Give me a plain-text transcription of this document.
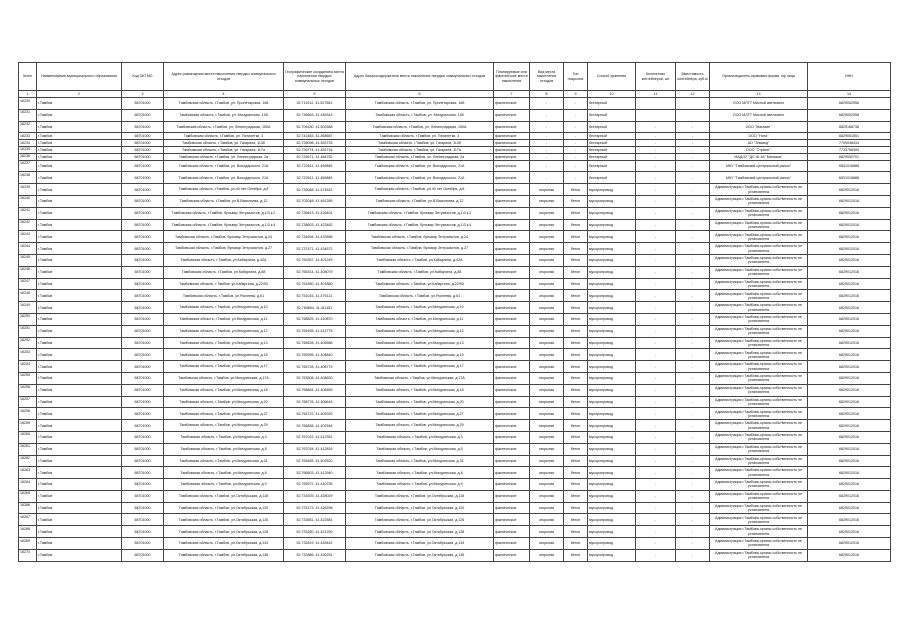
№п/п	Наименование муниципального образования	Код ОКТМО	Адрес размещения места накопления твердых коммунальных отходов	Географические координаты места накопления твердых коммунальных отходов	Адрес баланосодержателя места накопления твердых коммунальных отходов	Планируемые или фактические места накопления	Вид места накопления отходов	Тип покрытия	Способ хранения	Количество контейнеров, шт	Вместимость контейнера, куб.м	Организационно-правовая форма, юр лица	ИНН
1	2	3	4	5	6	7	8	9	10	11	12	13	14
16230	г.Тамбов	68701000	Тамбовская область, г.Тамбов, ул. Пролетарская, 168	52.711912, 41.527581	Тамбовская область, г.Тамбов, ул. Пролетарская, 168	фактическое	-	-	бестарный			ООО МЛТТ Мясной светкомпл	6829052958
16231	г.Тамбов	68701000	Тамбовская область, г.Тамбов, ул. Мичуринская, 148	52.736663, 41.446343	Тамбовская область, г.Тамбов, ул. Мичуринская, 148	фактическое	-	-	бестарный			ООО МЛТТ Мясной светкомпл	6829052958
16232	г.Тамбов	68701000	Тамбовская область, г.Тамбов, ул. Ленинградская, 150А	52.706180, 41.502588	Тамбовская область, г.Тамбов, ул. Ленинградская, 150А	фактическое	-	-	бестарный	-	-	ООО "Магазин"	6829168738
16233	г.Тамбов	68701000	Тамбовская область, г.Тамбов, ул. Пятилетки, 3	52.742483, 41.468687	Тамбовская область, г.Тамбов, ул. Пятилетки, 3	фактическое	-	-	бестарный	-	-	ООО "Нота"	6829051551
16234	г.Тамбов	68701000	Тамбовская область, г.Тамбов, ул. Гагарина, 113б	52.728098, 41.453733	Тамбовская область, г.Тамбов, ул. Гагарина, 113б	фактическое	-	-	бестарный	-	-	АО "Эльмед"	7709048434
16235	г.Тамбов	68701000	Тамбовская область, г.Тамбов, ул. Гагарина, 117а	52.726774, 41.452716	Тамбовская область, г.Тамбов, ул. Гагарина, 117а	фактическое	-	-	бестарный	-	-	ООО "Стратег"	7733758393
16236	г.Тамбов	68701000	Тамбовская область, г.Тамбов, ул. Ленинградская, 2а	52.725671, 41.484752	Тамбовская область, г.Тамбов, ул. Ленинградская, 2а	фактическое	-	-	бестарный	-	-	МАДОУ "ДС № 48 "Малыши"	6829050701
16237	г.Тамбов	68701000	Тамбовская область, г.Тамбов, ул. Володарского, 21А	52.722611, 41.459889	Тамбовская область, г.Тамбов, ул. Володарского, 21А	фактическое	-	-	бестарный	-	-	МКУ "Тамбовский центральный рынок"	6831016888
16238	г.Тамбов	68701000	Тамбовская область, г.Тамбов, ул. Володарского, 21А	52.722611, 41.459889	Тамбовская область, г.Тамбов, ул. Володарского, 21А	фактическое	-	-	бестарный	-	-	МКУ "Тамбовский центральный рынок"	6831016888
16239	г.Тамбов	68701000	Тамбовская область, г.Тамбов, ул.40 лет Октября, д.8	52.739088, 41.474531	Тамбовская область, г.Тамбов, ул.40 лет Октября, д.8	фактическое	открытая	бетон	мусоропровод	-	-	Администрация г.Тамбова,органы собственность не установлена	6829012016
16240	г.Тамбов	68701000	Тамбовская область, г.Тамбов, ул.В.Васильева, д.12	52.702048, 41.461289	Тамбовская область, г.Тамбов, ул.В.Васильева, д.12	фактическое	открытая	бетон	мусоропровод	-	-	Администрация г.Тамбова,органы собственность не установлена	6829012016
16241	г.Тамбов	68701000	Тамбовская область, г.Тамбов, бульвар Энтузиастов, д.1/3 к.2	52.736813, 41.426401	Тамбовская область, г.Тамбов, бульвар Энтузиастов, д.1/3 к.2	фактическое	открытая	бетон	мусоропровод	-	-	Администрация г.Тамбова,органы собственность не установлена	6829012016
16242	г.Тамбов	68701000	Тамбовская область, г.Тамбов, бульвар Энтузиастов, д.1/3 к.4	52.738603, 41.423482	Тамбовская область, г.Тамбов, бульвар Энтузиастов, д.1/3 к.4	фактическое	открытая	бетон	мусоропровод	-	-	Администрация г.Тамбова,органы собственность не установлена	6829012016
16243	г.Тамбов	68701000	Тамбовская область, г.Тамбов, бульвар Энтузиастов, д.24	52.734694, 41.433556	Тамбовская область, г.Тамбов, бульвар Энтузиастов, д.24	фактическое	открытая	бетон	мусоропровод	-	-	Администрация г.Тамбова,органы собственность не установлена	6829012016
16244	г.Тамбов	68701000	Тамбовская область, г.Тамбов, бульвар Энтузиастов, д.27	52.737471, 41.434572	Тамбовская область, г.Тамбов, бульвар Энтузиастов, д.27	фактическое	открытая	бетон	мусоропровод	-	-	Администрация г.Тамбова,органы собственность не установлена	6829012016
16245	г.Тамбов	68701000	Тамбовская область, г.Тамбов, ул.Кабаргина, д.42А	52.763357, 41.401249	Тамбовская область, г.Тамбов, ул.Кабаргина, д.42А	фактическое	открытая	бетон	мусоропровод	-	-	Администрация г.Тамбова,органы собственность не установлена	6829012016
16246	г.Тамбов	68701000	Тамбовская область, г.Тамбов, ул.Кабаргина, д.88	52.765314, 41.408079	Тамбовская область, г.Тамбов, ул.Кабаргина, д.88	фактическое	открытая	бетон	мусоропровод	-	-	Администрация г.Тамбова,органы собственность не установлена	6829012016
16247	г.Тамбов	68701000	Тамбовская область, г.Тамбов, ул.Кабаргина, д.22/90	52.761850, 41.401880	Тамбовская область, г.Тамбов, ул.Кабаргина, д.22/90	фактическое	открытая	бетон	мусоропровод	-	-	Администрация г.Тамбова,органы собственность не установлена	6829012016
16248	г.Тамбов	68701000	Тамбовская область, г.Тамбов, ул.Рылеева, д.61	52.751015, 41.475121	Тамбовская область, г.Тамбов, ул.Рылеева, д.61	фактическое	открытая	бетон	мусоропровод	-	-	Администрация г.Тамбова,органы собственность не установлена	6829012016
16249	г.Тамбов	68701000	Тамбовская область, г.Тамбов, ул.Мичуринская, д.10	52.784854, 41.411151	Тамбовская область, г.Тамбов, ул.Мичуринская, д.10	фактическое	открытая	бетон	мусоропровод	-	-	Администрация г.Тамбова,органы собственность не установлена	6829012016
16250	г.Тамбов	68701000	Тамбовская область, г.Тамбов, ул.Мичуринская, д.11	52.768825, 41.410870	Тамбовская область, г.Тамбов, ул.Мичуринская, д.11	фактическое	открытая	бетон	мусоропровод	-	-	Администрация г.Тамбова,органы собственность не установлена	6829012016
16251	г.Тамбов	68701000	Тамбовская область, г.Тамбов, ул.Мичуринская, д.12	52.764935, 41.412775	Тамбовская область, г.Тамбов, ул.Мичуринская, д.12	фактическое	открытая	бетон	мусоропровод	-	-	Администрация г.Тамбова,органы собственность не установлена	6829012016
16252	г.Тамбов	68701000	Тамбовская область, г.Тамбов, ул.Мичуринская, д.13	52.765628, 41.405586	Тамбовская область, г.Тамбов, ул.Мичуринская, д.13	фактическое	открытая	бетон	мусоропровод	-	-	Администрация г.Тамбова,органы собственность не установлена	6829012016
16253	г.Тамбов	68701000	Тамбовская область, г.Тамбов, ул.Мичуринская, д.15	52.765995, 41.408840	Тамбовская область, г.Тамбов, ул.Мичуринская, д.15	фактическое	открытая	бетон	мусоропровод	-	-	Администрация г.Тамбова,органы собственность не установлена	6829012016
16254	г.Тамбов	68701000	Тамбовская область, г.Тамбов, ул.Мичуринская, д.17	52.765728, 41.408779	Тамбовская область, г.Тамбов, ул.Мичуринская, д.17	фактическое	открытая	бетон	мусоропровод	-	-	Администрация г.Тамбова,органы собственность не установлена	6829012016
16255	г.Тамбов	68701000	Тамбовская область, г.Тамбов, ул.Мичуринская, д.17А	52.763508, 41.408630	Тамбовская область, г.Тамбов, ул.Мичуринская, д.17А	фактическое	открытая	бетон	мусоропровод	-	-	Администрация г.Тамбова,органы собственность не установлена	6829012016
16256	г.Тамбов	68701000	Тамбовская область, г.Тамбов, ул.Мичуринская, д.18	52.768864, 41.408559	Тамбовская область, г.Тамбов, ул.Мичуринская, д.18	фактическое	открытая	бетон	мусоропровод	-	-	Администрация г.Тамбова,органы собственность не установлена	6829012016
16257	г.Тамбов	68701000	Тамбовская область, г.Тамбов, ул.Мичуринская, д.20	52.768776, 41.406616	Тамбовская область, г.Тамбов, ул.Мичуринская, д.20	фактическое	открытая	бетон	мусоропровод	-	-	Администрация г.Тамбова,органы собственность не установлена	6829012016
16258	г.Тамбов	68701000	Тамбовская область, г.Тамбов, ул.Мичуринская, д.27	52.764722, 41.402925	Тамбовская область, г.Тамбов, ул.Мичуринская, д.27	фактическое	открытая	бетон	мусоропровод	-	-	Администрация г.Тамбова,органы собственность не установлена	6829012016
16259	г.Тамбов	68701000	Тамбовская область, г.Тамбов, ул.Мичуринская, д.29	52.766838, 41.402546	Тамбовская область, г.Тамбов, ул.Мичуринская, д.29	фактическое	открытая	бетон	мусоропровод	-	-	Администрация г.Тамбова,органы собственность не установлена	6829012016
16260	г.Тамбов	68701000	Тамбовская область, г.Тамбов, ул.Мичуринская, д.3	52.767022, 41.412351	Тамбовская область, г.Тамбов, ул.Мичуринская, д.3	фактическое	открытая	бетон	мусоропровод	-	-	Администрация г.Тамбова,органы собственность не установлена	6829012016
16261	г.Тамбов	68701000	Тамбовская область, г.Тамбов, ул.Мичуринская, д.5	52.767034, 41.412816	Тамбовская область, г.Тамбов, ул.Мичуринская, д.5	фактическое	открытая	бетон	мусоропровод	-	-	Администрация г.Тамбова,органы собственность не установлена	6829012016
16262	г.Тамбов	68701000	Тамбовская область, г.Тамбов, ул.Мичуринская, д.31	52.765465, 41.402520	Тамбовская область, г.Тамбов, ул.Мичуринская, д.31	фактическое	открытая	бетон	мусоропровод	-	-	Администрация г.Тамбова,органы собственность не установлена	6829012016
16263	г.Тамбов	68701000	Тамбовская область, г.Тамбов, ул.Мичуринская, д.8	52.766503, 41.412940	Тамбовская область, г.Тамбов, ул.Мичуринская, д.8	фактическое	открытая	бетон	мусоропровод	-	-	Администрация г.Тамбова,органы собственность не установлена	6829012016
16264	г.Тамбов	68701000	Тамбовская область, г.Тамбов, ул.Мичуринская, д.9	52.765972, 41.410755	Тамбовская область, г.Тамбов, ул.Мичуринская, д.9	фактическое	открытая	бетон	мусоропровод	-	-	Администрация г.Тамбова,органы собственность не установлена	6829012016
16265	г.Тамбов	68701000	Тамбовская область, г.Тамбов, ул.Октябрьская, д.118	52.733929, 41.428029	Тамбовская область, г.Тамбов, ул.Октябрьская, д.118	фактическое	открытая	бетон	мусоропровод	-	-	Администрация г.Тамбова,органы собственность не установлена	6829012016
16266	г.Тамбов	68701000	Тамбовская область, г.Тамбов, ул.Октябрьская, д.120	52.733173, 41.426298	Тамбовская область, г.Тамбов, ул.Октябрьская, д.120	фактическое	открытая	бетон	мусоропровод	-	-	Администрация г.Тамбова,органы собственность не установлена	6829012016
16267	г.Тамбов	68701000	Тамбовская область, г.Тамбов, ул.Октябрьская, д.126	52.733561, 41.422581	Тамбовская область, г.Тамбов, ул.Октябрьская, д.126	фактическое	открытая	бетон	мусоропровод	-	-	Администрация г.Тамбова,органы собственность не установлена	6829012016
16268	г.Тамбов	68701000	Тамбовская область, г.Тамбов, ул.Октябрьская, д.128	52.733250, 41.421250	Тамбовская область, г.Тамбов, ул.Октябрьская, д.128	фактическое	открытая	бетон	мусоропровод	-	-	Администрация г.Тамбова,органы собственность не установлена	6829012016
16269	г.Тамбов	68701000	Тамбовская область, г.Тамбов, ул.Октябрьская, д.134	52.732819, 41.418442	Тамбовская область, г.Тамбов, ул.Октябрьская, д.134	фактическое	открытая	бетон	мусоропровод	-	-	Администрация г.Тамбова,органы собственность не установлена	6829012016
16270	г.Тамбов	68701000	Тамбовская область, г.Тамбов, ул.Октябрьская, д.136	52.732886, 41.420251	Тамбовская область, г.Тамбов, ул.Октябрьская, д.136	фактическое	открытая	бетон	мусоропровод	-	-	Администрация г.Тамбова,органы собственность не установлена	6829012016
